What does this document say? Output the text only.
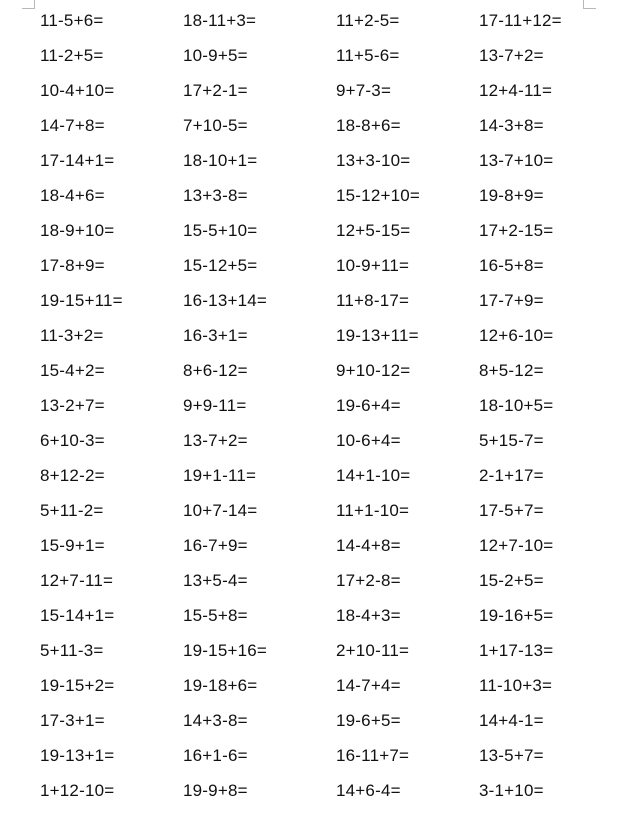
11-5+6=	18-11+3=	11+2-5=	17-11+12=
11-2+5=	10-9+5=	11+5-6=	13-7+2=
10-4+10=	17+2-1=	9+7-3=	12+4-11=
14-7+8=	7+10-5=	18-8+6=	14-3+8=
17-14+1=	18-10+1=	13+3-10=	13-7+10=
18-4+6=	13+3-8=	15-12+10=	19-8+9=
18-9+10=	15-5+10=	12+5-15=	17+2-15=
17-8+9=	15-12+5=	10-9+11=	16-5+8=
19-15+11=	16-13+14=	11+8-17=	17-7+9=
11-3+2=	16-3+1=	19-13+11=	12+6-10=
15-4+2=	8+6-12=	9+10-12=	8+5-12=
13-2+7=	9+9-11=	19-6+4=	18-10+5=
6+10-3=	13-7+2=	10-6+4=	5+15-7=
8+12-2=	19+1-11=	14+1-10=	2-1+17=
5+11-2=	10+7-14=	11+1-10=	17-5+7=
15-9+1=	16-7+9=	14-4+8=	12+7-10=
12+7-11=	13+5-4=	17+2-8=	15-2+5=
15-14+1=	15-5+8=	18-4+3=	19-16+5=
5+11-3=	19-15+16=	2+10-11=	1+17-13=
19-15+2=	19-18+6=	14-7+4=	11-10+3=
17-3+1=	14+3-8=	19-6+5=	14+4-1=
19-13+1=	16+1-6=	16-11+7=	13-5+7=
1+12-10=	19-9+8=	14+6-4=	3-1+10=
